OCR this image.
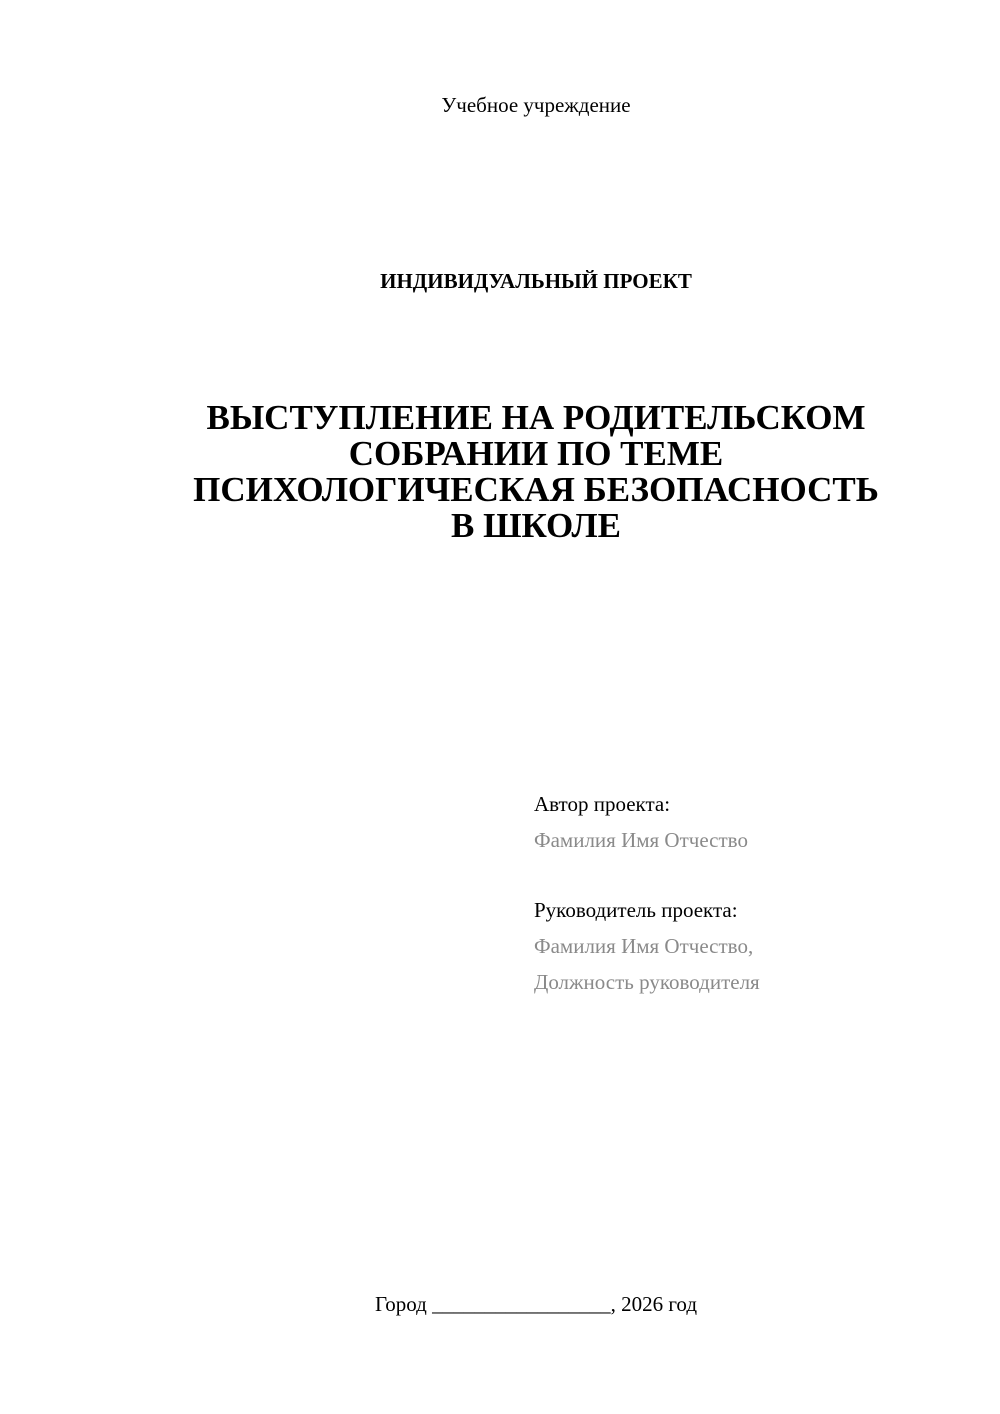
Учебное учреждение
ИНДИВИДУАЛЬНЫЙ ПРОЕКТ
ВЫСТУПЛЕНИЕ НА РОДИТЕЛЬСКОМ
СОБРАНИИ ПО ТЕМЕ
ПСИХОЛОГИЧЕСКАЯ БЕЗОПАСНОСТЬ
В ШКОЛЕ
Автор проекта:
Фамилия Имя Отчество
Руководитель проекта:
Фамилия Имя Отчество,
Должность руководителя
Город _________________, 2026 год
